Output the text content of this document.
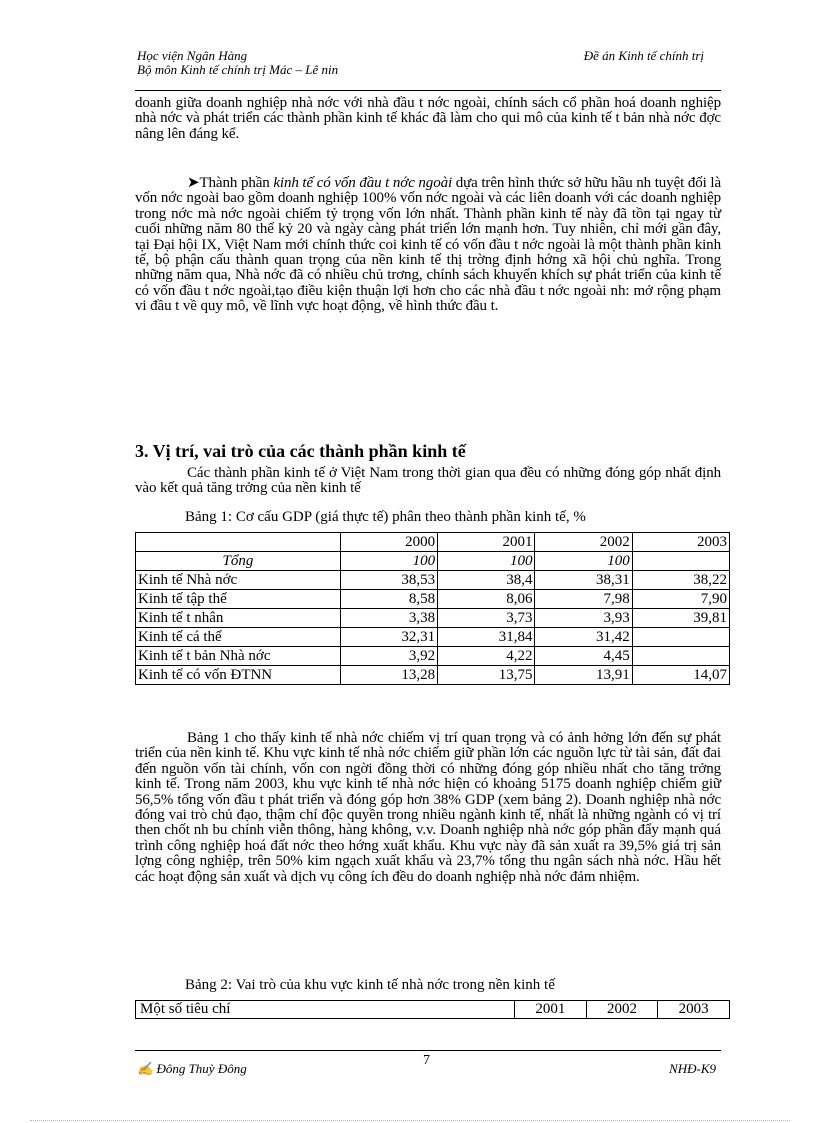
Học viện Ngân Hàng
Bộ môn Kinh tế chính trị Mác – Lê nin
Đề án Kinh tế chính trị

doanh giữa doanh nghiệp nhà nớc với nhà đầu t nớc ngoài, chính sách cổ phần hoá doanh nghiệp nhà nớc và phát triển các thành phần kinh tế khác đã làm cho qui mô của kinh tế t bản nhà nớc đợc nâng lên đáng kể.

➤Thành phần kinh tế có vốn đầu t nớc ngoài dựa trên hình thức sở hữu hầu nh tuyệt đối là vốn nớc ngoài bao gồm doanh nghiệp 100% vốn nớc ngoài và các liên doanh với các doanh nghiệp trong nớc mà nớc ngoài chiếm tỷ trọng vốn lớn nhất. Thành phần kinh tế này đã tồn tại ngay từ cuối những năm 80 thế kỷ 20 và ngày càng phát triển lớn mạnh hơn. Tuy nhiên, chỉ mới gần đây, tại Đại hội IX, Việt Nam mới chính thức coi kinh tế có vốn đầu t nớc ngoài là một thành phần kinh tế, bộ phận cấu thành quan trọng của nền kinh tế thị trờng định hớng xã hội chủ nghĩa. Trong những năm qua, Nhà nớc đã có nhiều chủ trơng, chính sách khuyến khích sự phát triển của kinh tế có vốn đầu t nớc ngoài,tạo điều kiện thuận lợi hơn cho các nhà đầu t nớc ngoài nh: mở rộng phạm vi đầu t về quy mô, về lĩnh vực hoạt động, về hình thức đầu t.

3. Vị trí, vai trò của các thành phần kinh tế

Các thành phần kinh tế ở Việt Nam trong thời gian qua đều có những đóng góp nhất định vào kết quả tăng trởng của nền kinh tế

Bảng 1: Cơ cấu GDP (giá thực tế) phân theo thành phần kinh tế, %
	2000	2001	2002	2003
Tổng	100	100	100	
Kinh tế Nhà nớc	38,53	38,4	38,31	38,22
Kinh tế tập thể	8,58	8,06	7,98	7,90
Kinh tế t nhân	3,38	3,73	3,93	39,81
Kinh tế cá thể	32,31	31,84	31,42	
Kinh tế t bản Nhà nớc	3,92	4,22	4,45	
Kinh tế có vốn ĐTNN	13,28	13,75	13,91	14,07

Bảng 1 cho thấy kinh tế nhà nớc chiếm vị trí quan trọng và có ảnh hởng lớn đến sự phát triển của nền kinh tế. Khu vực kinh tế nhà nớc chiếm giữ phần lớn các nguồn lực từ tài sản, đất đai đến nguồn vốn tài chính, vốn con ngời đồng thời có những đóng góp nhiều nhất cho tăng trởng kinh tế. Trong năm 2003, khu vực kinh tế nhà nớc hiện có khoảng 5175 doanh nghiệp chiếm giữ 56,5% tổng vốn đầu t phát triển và đóng góp hơn 38% GDP (xem bảng 2). Doanh nghiệp nhà nớc đóng vai trò chủ đạo, thậm chí độc quyền trong nhiều ngành kinh tế, nhất là những ngành có vị trí then chốt nh bu chính viễn thông, hàng không, v.v. Doanh nghiệp nhà nớc góp phần đẩy mạnh quá trình công nghiệp hoá đất nớc theo hớng xuất khẩu. Khu vực này đã sản xuất ra 39,5% giá trị sản lợng công nghiệp, trên 50% kim ngạch xuất khẩu và 23,7% tổng thu ngân sách nhà nớc. Hầu hết các hoạt động sản xuất và dịch vụ công ích đều do doanh nghiệp nhà nớc đảm nhiệm.

Bảng 2: Vai trò của khu vực kinh tế nhà nớc trong nền kinh tế
Một số tiêu chí	2001	2002	2003
✍ Đông Thuỳ Đông
7
NHĐ-K9
